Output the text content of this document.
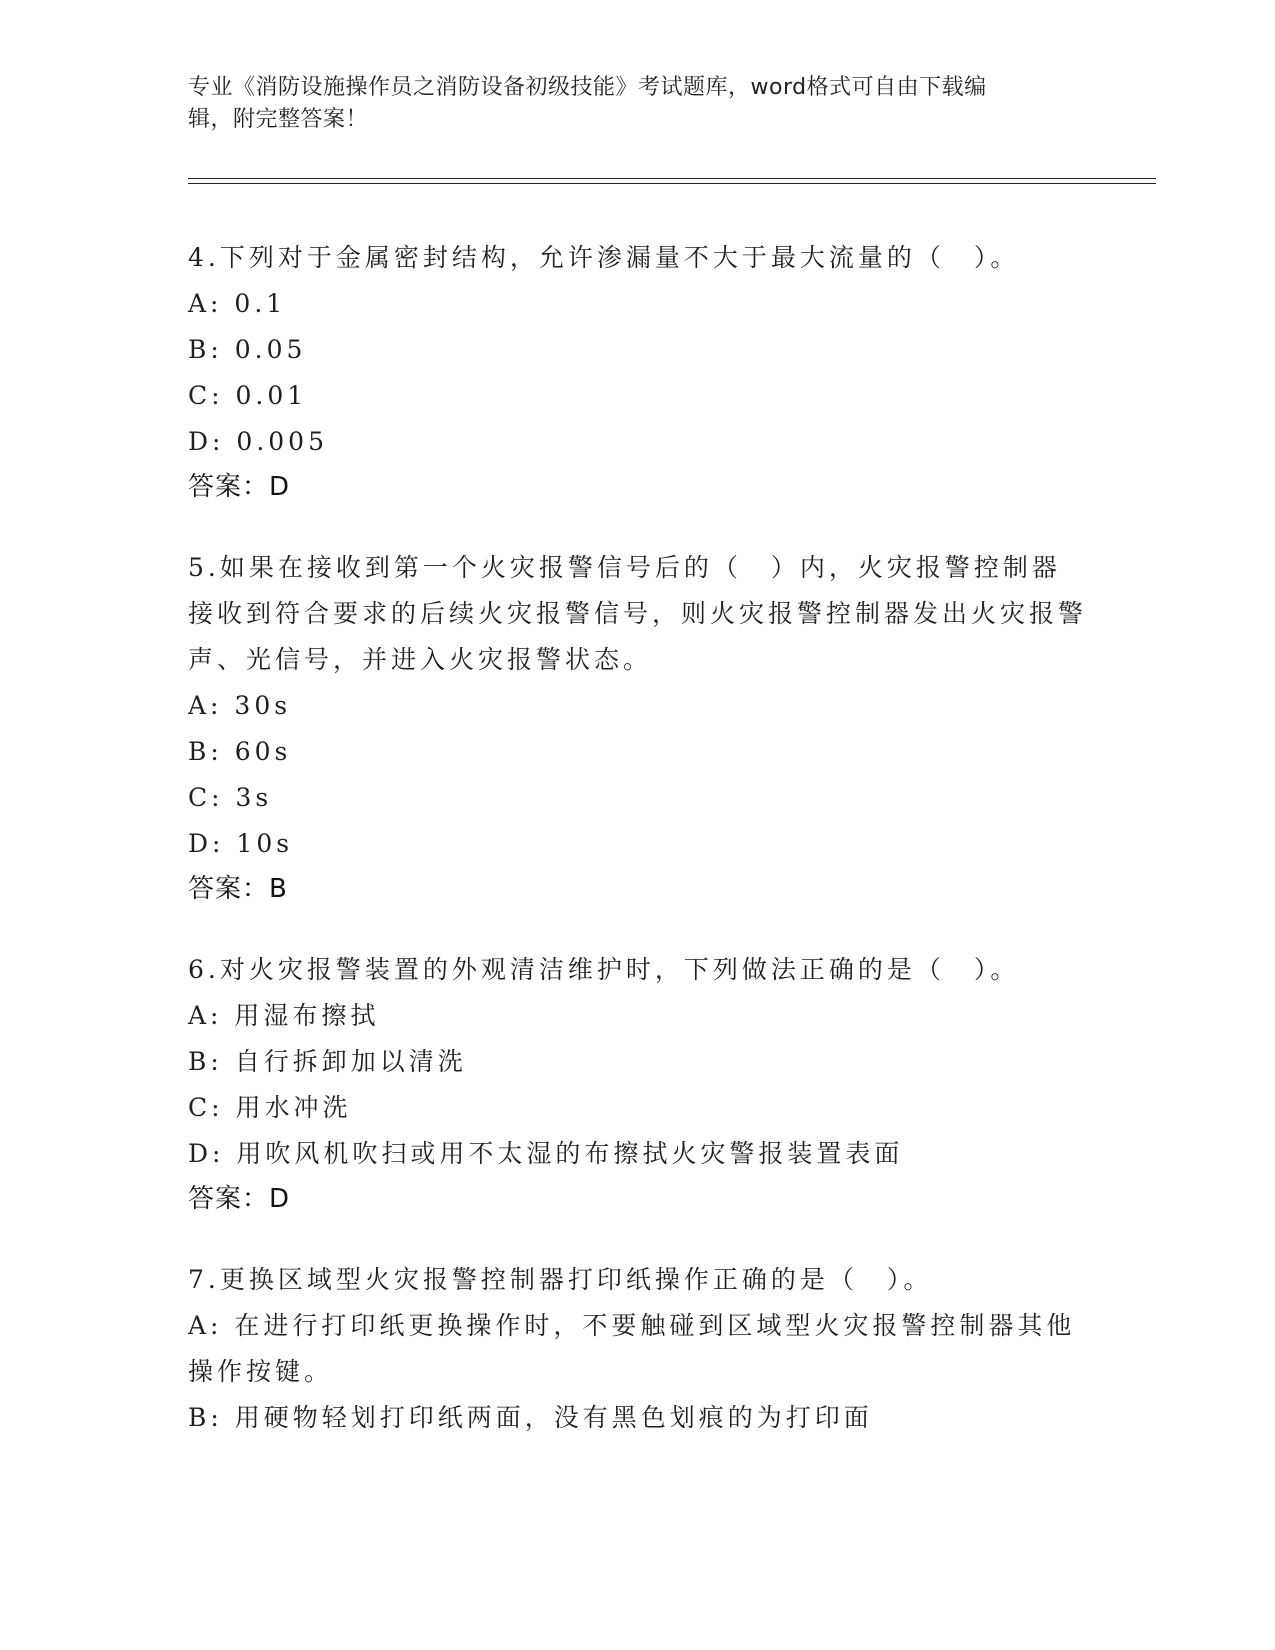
专业《消防设施操作员之消防设备初级技能》考试题库，word格式可自由下载编
辑，附完整答案！

4.下列对于金属密封结构，允许渗漏量不大于最大流量的（　）。

A: 0.1

B: 0.05

C: 0.01

D: 0.005

答案：D

5.如果在接收到第一个火灾报警信号后的（　）内，火灾报警控制器接收到符合要求的后续火灾报警信号，则火灾报警控制器发出火灾报警声、光信号，并进入火灾报警状态。

A: 30s

B: 60s

C: 3s

D: 10s

答案：B

6.对火灾报警装置的外观清洁维护时，下列做法正确的是（　）。

A: 用湿布擦拭

B: 自行拆卸加以清洗

C: 用水冲洗

D: 用吹风机吹扫或用不太湿的布擦拭火灾警报装置表面

答案：D

7.更换区域型火灾报警控制器打印纸操作正确的是（　）。

A: 在进行打印纸更换操作时，不要触碰到区域型火灾报警控制器其他操作按键。

B: 用硬物轻划打印纸两面，没有黑色划痕的为打印面
